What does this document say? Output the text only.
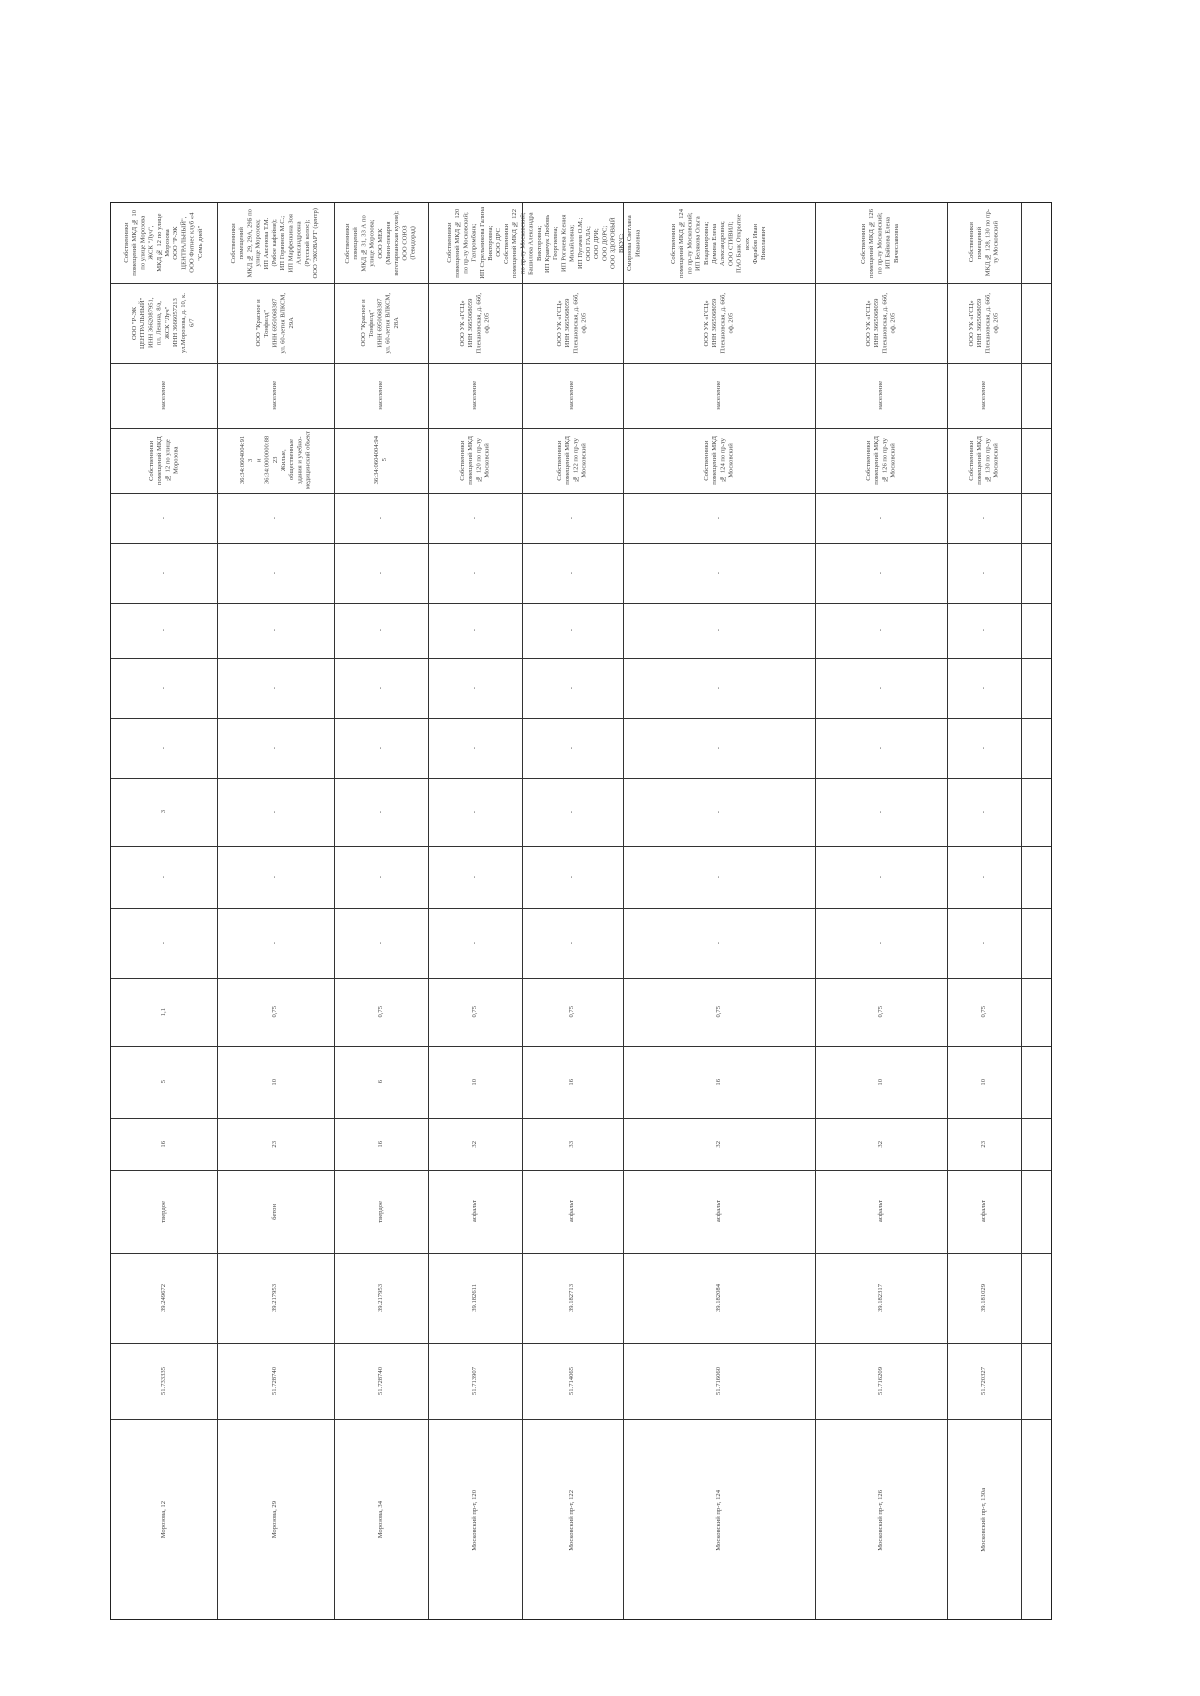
Морозова, 12
51.733335
39.249672
твердое
16
5
1,1
-
-
3
-
-
-
-
-
Собственники помещений МКД
№ 12 по улице
Морозова
население
ООО "Р-ЭК
ЦЕНТРАЛЬНЫЙ"
ИНН 3662087951,
пл. Ленина, 8/а,
ЖСК "Луч"
ИНН 3666057213
ул.Морозова, д. 10, к.
6/7
Собственники
помещений МКД № 10
по улице Морозова
ЖСК "Луч",
МКД № 12 по улице
Морозова
ООО "Р-ЭК
ЦЕНТРАЛЬНЫЙ",
ООО Фитнес клуб «4
"Семь дней"
Морозова, 29
51.728740
39.217953
бетон
23
10
0,75
-
-
-
-
-
-
-
-
36:34:0604004:91
3
и
36:34:0000000:88
23
Жилые,
общественные
здания и учебно-
медицинский объект
население
ООО "Красное и
Тонфилд"
ИНН 6950068387
ул. 60-летия ВЛКСМ,
29А
Собственники
помещений
МКД № 29, 29А, 29Б по
улице Морозова;
ИП Аксенова Т.М.
(Рябое кафейня);
ИП Горяинов М.С.;
ИП Марфенкина Зоя
Александровна
(Русский колос);
ООО 'ЭКОВАРТ' (центр)
Морозова, 34
51.728740
39.217953
твердое
16
6
0,75
-
-
-
-
-
-
-
-
36:34:0604004:94
5
население
ООО "Красное и
Тонфилд"
ИНН 6950068387
ул. 60-летия ВЛКСМ,
28А
Собственники
помещений
МКД № 31, 33 А по
улице Морозова;
ООО МЕК
(Мини-пекарня
вегетарианская кухня);
ООО СОЮЗ
(Гевидорад)
Московский пр-т, 120
51.713907
39.182611
асфальт
32
10
0,75
-
-
-
-
-
-
-
-
Собственники
помещений МКД
№ 120 по пр-ту
Московский
население
ООО УК «ГСЦ»
ИНН 3665068059
Плехановская, д. 66б,
оф. 205
Собственники
помещений МКД № 120
по пр-ту Московский;
Газпромбанк;
ИП Стрельникова Галина
Викторовна;
ООО ДРС
Московский пр-т, 122
51.714065
39.182713
асфальт
33
16
0,75
-
-
-
-
-
-
-
-
Собственники
помещений МКД
№ 122 по пр-ту
Московский
население
ООО УК «ГСЦ»
ИНН 3665068059
Плехановская, д. 66б,
оф. 205
Собственники
помещений МКД № 122
по пр-ту Московский;
Башилова Александра
Викторовна;
ИП Кравчук Любовь
Георгиевна;
ИП Рогачева Ксения
Михайловна;
ИП Пугачев О.М.;
ООО ГАЛА;
ООО ДРИ;
ООО ДОРС;
ООО ЗДОРОВЫЙ
ВКУС;
Смирнова Светлана
Ивановна
Московский пр-т, 124
51.716060
39.182084
асфальт
32
16
0,75
-
-
-
-
-
-
-
-
Собственники
помещений МКД
№ 124 по пр-ту
Московский
население
ООО УК «ГСЦ»
ИНН 3665068059
Плехановская, д. 66б,
оф. 205
Собственники
помещений МКД № 124
по пр-ту Московский;
ИП Белякова Ольга
Владимировна;
Демина Елена
Александровна;
ООО СТИВИЛ;
ПАО Банк Открытие
всех
Фарабов Иван
Николаевич
Московский пр-т, 126
51.716209
39.182317
асфальт
32
10
0,75
-
-
-
-
-
-
-
-
Собственники
помещений МКД
№ 126 по пр-ту
Московский
население
ООО УК «ГСЦ»
ИНН 3665068059
Плехановская, д. 66б,
оф. 205
Собственники
помещений МКД № 126
по пр-ту Московский;
ИП Байкова Елена
Вячеславовна
Московский пр-т, 130а
51.720327
39.181029
асфальт
23
10
0,75
-
-
-
-
-
-
-
-
Собственники
помещений МКД
№ 130 по пр-ту
Московский
население
ООО УК «ГСЦ»
ИНН 3665068059
Плехановская, д. 66б,
оф. 205
Собственники
помещений
МКД № 128, 130 по пр-
ту Московский
